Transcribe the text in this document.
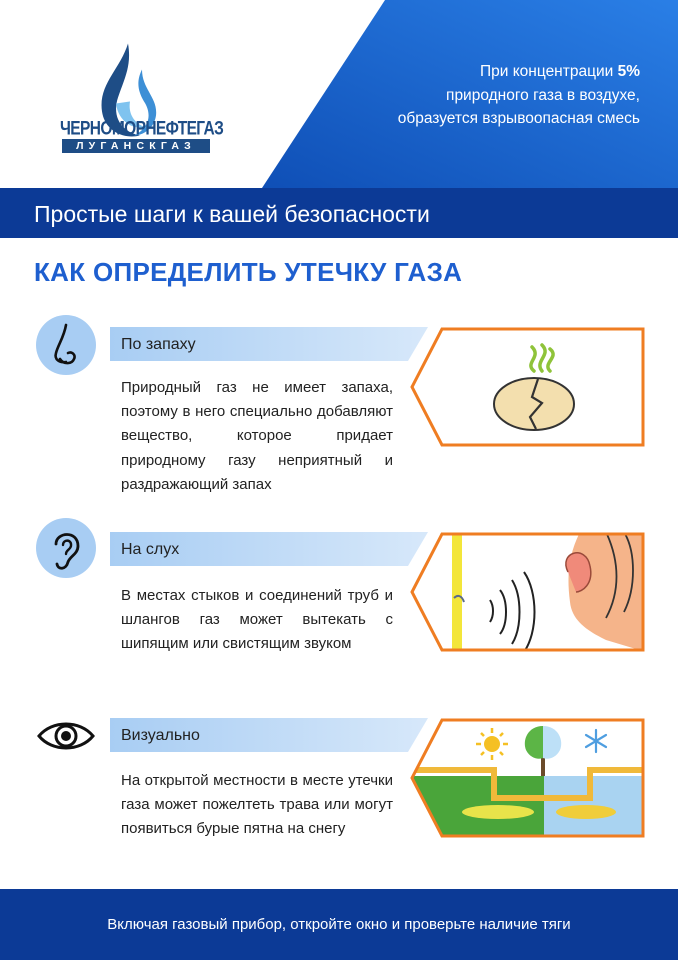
ЧЕРНОМОРНЕФТЕГАЗ
ЛУГАНСКГАЗ
При концентрации 5%
природного газа в воздухе,
образуется взрывоопасная смесь
Простые шаги к вашей безопасности
КАК ОПРЕДЕЛИТЬ УТЕЧКУ ГАЗА
По запаху
Природный газ не имеет запаха, поэтому в него специально добавляют вещество, которое придает природному газу неприятный и раздражающий запах
На слух
В местах стыков и соединений труб и шлангов газ может вытекать с шипящим или свистящим звуком
Визуально
На открытой местности в месте утечки газа может пожелтеть трава или могут появиться бурые пятна на снегу
Включая газовый прибор, откройте окно и проверьте наличие тяги
